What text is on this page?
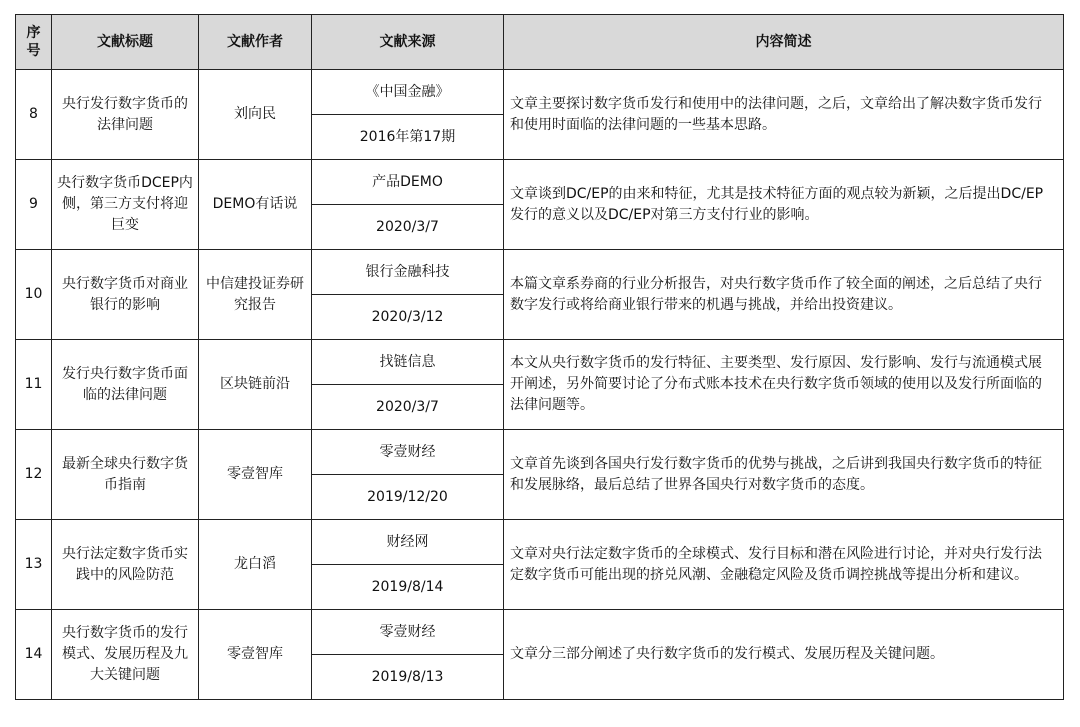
序号	文献标题	文献作者	文献来源	内容简述
8	央行发行数字货币的法律问题	刘向民	《中国金融》	文章主要探讨数字货币发行和使用中的法律问题，之后，文章给出了解决数字货币发行和使用时面临的法律问题的一些基本思路。
			2016年第17期	
9	央行数字货币DCEP内侧，第三方支付将迎巨变	DEMO有话说	产品DEMO	文章谈到DC/EP的由来和特征，尤其是技术特征方面的观点较为新颖，之后提出DC/EP发行的意义以及DC/EP对第三方支付行业的影响。
			2020/3/7	
10	央行数字货币对商业银行的影响	中信建投证券研究报告	银行金融科技	本篇文章系券商的行业分析报告，对央行数字货币作了较全面的阐述，之后总结了央行数字发行或将给商业银行带来的机遇与挑战，并给出投资建议。
			2020/3/12	
11	发行央行数字货币面临的法律问题	区块链前沿	找链信息	本文从央行数字货币的发行特征、主要类型、发行原因、发行影响、发行与流通模式展开阐述，另外简要讨论了分布式账本技术在央行数字货币领域的使用以及发行所面临的法律问题等。
			2020/3/7	
12	最新全球央行数字货币指南	零壹智库	零壹财经	文章首先谈到各国央行发行数字货币的优势与挑战，之后讲到我国央行数字货币的特征和发展脉络，最后总结了世界各国央行对数字货币的态度。
			2019/12/20	
13	央行法定数字货币实践中的风险防范	龙白滔	财经网	文章对央行法定数字货币的全球模式、发行目标和潜在风险进行讨论，并对央行发行法定数字货币可能出现的挤兑风潮、金融稳定风险及货币调控挑战等提出分析和建议。
			2019/8/14	
14	央行数字货币的发行模式、发展历程及九大关键问题	零壹智库	零壹财经	文章分三部分阐述了央行数字货币的发行模式、发展历程及关键问题。
			2019/8/13	
